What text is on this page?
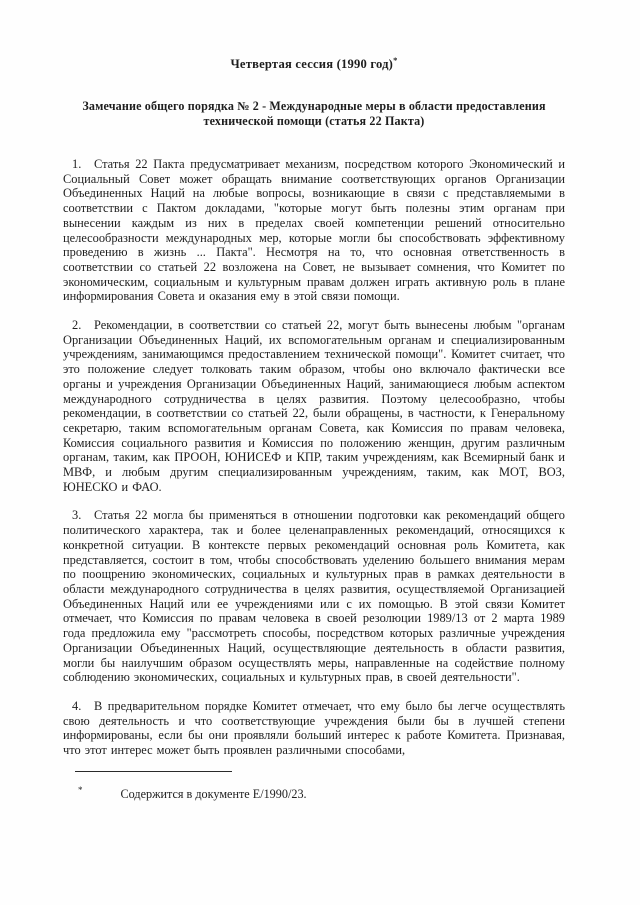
Четвертая сессия (1990 год)*
Замечание общего порядка № 2 - Международные меры в области предоставления
технической помощи (статья 22 Пакта)

1. Статья 22 Пакта предусматривает механизм, посредством которого Экономический и Социальный Совет может обращать внимание соответствующих органов Организации Объединенных Наций на любые вопросы, возникающие в связи с представляемыми в соответствии с Пактом докладами, "которые могут быть полезны этим органам при вынесении каждым из них в пределах своей компетенции решений относительно целесообразности международных мер, которые могли бы способствовать эффективному проведению в жизнь ... Пакта". Несмотря на то, что основная ответственность в соответствии со статьей 22 возложена на Совет, не вызывает сомнения, что Комитет по экономическим, социальным и культурным правам должен играть активную роль в плане информирования Совета и оказания ему в этой связи помощи.

2. Рекомендации, в соответствии со статьей 22, могут быть вынесены любым "органам Организации Объединенных Наций, их вспомогательным органам и специализированным учреждениям, занимающимся предоставлением технической помощи". Комитет считает, что это положение следует толковать таким образом, чтобы оно включало фактически все органы и учреждения Организации Объединенных Наций, занимающиеся любым аспектом международного сотрудничества в целях развития. Поэтому целесообразно, чтобы рекомендации, в соответствии со статьей 22, были обращены, в частности, к Генеральному секретарю, таким вспомогательным органам Совета, как Комиссия по правам человека, Комиссия социального развития и Комиссия по положению женщин, другим различным органам, таким, как ПРООН, ЮНИСЕФ и КПР, таким учреждениям, как Всемирный банк и МВФ, и любым другим специализированным учреждениям, таким, как МОТ, ВОЗ, ЮНЕСКО и ФАО.

3. Статья 22 могла бы применяться в отношении подготовки как рекомендаций общего политического характера, так и более целенаправленных рекомендаций, относящихся к конкретной ситуации. В контексте первых рекомендаций основная роль Комитета, как представляется, состоит в том, чтобы способствовать уделению большего внимания мерам по поощрению экономических, социальных и культурных прав в рамках деятельности в области международного сотрудничества в целях развития, осуществляемой Организацией Объединенных Наций или ее учреждениями или с их помощью. В этой связи Комитет отмечает, что Комиссия по правам человека в своей резолюции 1989/13 от 2 марта 1989 года предложила ему "рассмотреть способы, посредством которых различные учреждения Организации Объединенных Наций, осуществляющие деятельность в области развития, могли бы наилучшим образом осуществлять меры, направленные на содействие полному соблюдению экономических, социальных и культурных прав, в своей деятельности".

4. В предварительном порядке Комитет отмечает, что ему было бы легче осуществлять свою деятельность и что соответствующие учреждения были бы в лучшей степени информированы, если бы они проявляли больший интерес к работе Комитета. Признавая, что этот интерес может быть проявлен различными способами,

*	Содержится в документе E/1990/23.
